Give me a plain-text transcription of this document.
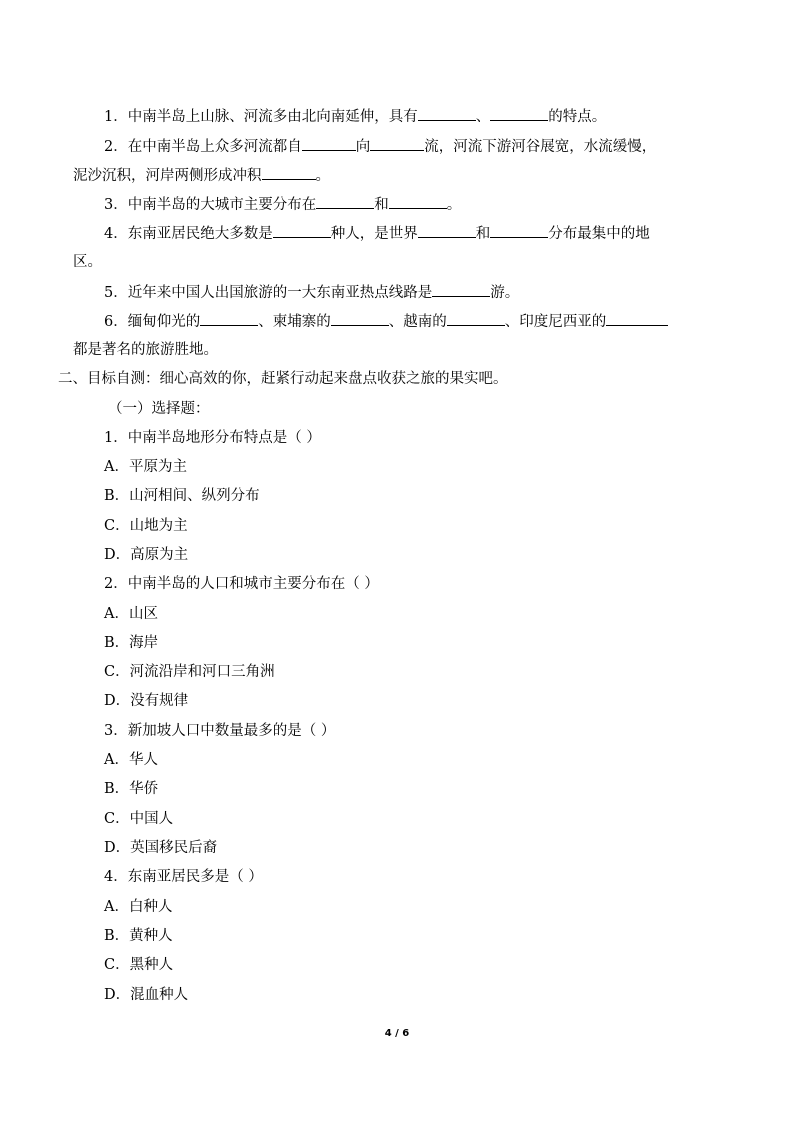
1．中南半岛上山脉、河流多由北向南延伸，具有	、	的特点。
2．在中南半岛上众多河流都自	向	流，河流下游河谷展宽，水流缓慢，
泥沙沉积，河岸两侧形成冲积	。
3．中南半岛的大城市主要分布在	和	。
4．东南亚居民绝大多数是	种人，是世界	和	分布最集中的地
区。
5．近年来中国人出国旅游的一大东南亚热点线路是	游。
6．缅甸仰光的	、柬埔寨的	、越南的	、印度尼西亚的
都是著名的旅游胜地。
二、目标自测：细心高效的你，赶紧行动起来盘点收获之旅的果实吧。
（一）选择题：
1．中南半岛地形分布特点是（ ）
A．平原为主
B．山河相间、纵列分布
C．山地为主
D．高原为主
2．中南半岛的人口和城市主要分布在（ ）
A．山区
B．海岸
C．河流沿岸和河口三角洲
D．没有规律
3．新加坡人口中数量最多的是（ ）
A．华人
B．华侨
C．中国人
D．英国移民后裔
4．东南亚居民多是（ ）
A．白种人
B．黄种人
C．黑种人
D．混血种人
4 / 6
